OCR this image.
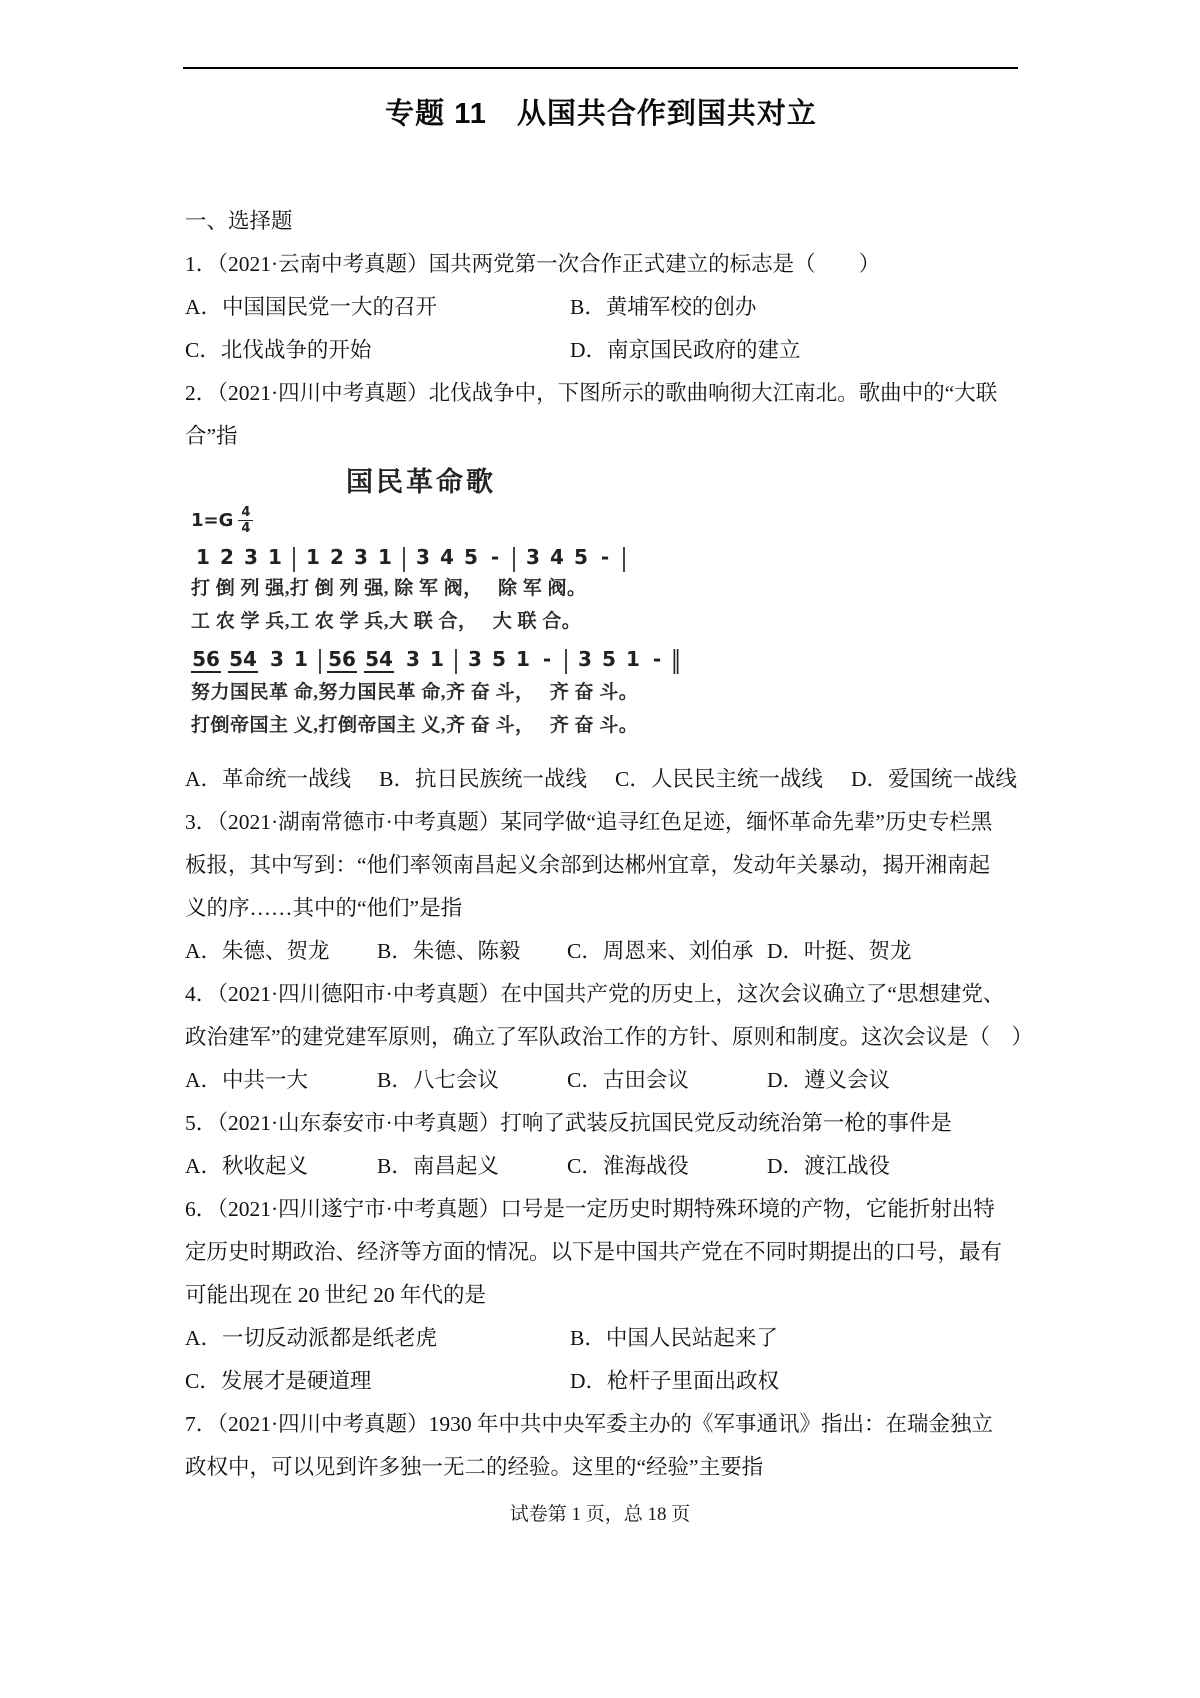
专题 11　从国共合作到国共对立
一、选择题
1．（2021·云南中考真题）国共两党第一次合作正式建立的标志是（　　）
A．中国国民党一大的召开	B．黄埔军校的创办
C．北伐战争的开始	D．南京国民政府的建立
2．（2021·四川中考真题）北伐战争中，下图所示的歌曲响彻大江南北。歌曲中的“大联
合”指
国民革命歌
$1=G \frac{4}{4}$
1 2 3 1 | 1 2 3 1 | 3 4 5 - | 3 4 5 - |
打 倒 列 强,打 倒 列 强, 除 军 阀，　 除 军 阀。
工 农 学 兵,工 农 学 兵,大 联 合，　 大 联 合。
56 54 3 1 | 56 54 3 1 | 3 5 1 - | 3 5 1 - ‖
努力国民革 命,努力国民革 命,齐 奋 斗，　 齐 奋 斗。
打倒帝国主 义,打倒帝国主 义,齐 奋 斗，　 齐 奋 斗。
A．革命统一战线 B．抗日民族统一战线 C．人民民主统一战线 D．爱国统一战线
3．（2021·湖南常德市·中考真题）某同学做“追寻红色足迹，缅怀革命先辈”历史专栏黑
板报，其中写到：“他们率领南昌起义余部到达郴州宜章，发动年关暴动，揭开湘南起
义的序……其中的“他们”是指
A．朱德、贺龙	B．朱德、陈毅	C．周恩来、刘伯承 D．叶挺、贺龙
4．（2021·四川德阳市·中考真题）在中国共产党的历史上，这次会议确立了“思想建党、
政治建军”的建党建军原则，确立了军队政治工作的方针、原则和制度。这次会议是（　）
A．中共一大	B．八七会议	C．古田会议	D．遵义会议
5．（2021·山东泰安市·中考真题）打响了武装反抗国民党反动统治第一枪的事件是
A．秋收起义	B．南昌起义	C．淮海战役	D．渡江战役
6．（2021·四川遂宁市·中考真题）口号是一定历史时期特殊环境的产物，它能折射出特
定历史时期政治、经济等方面的情况。以下是中国共产党在不同时期提出的口号，最有
可能出现在 20 世纪 20 年代的是
A．一切反动派都是纸老虎	B．中国人民站起来了
C．发展才是硬道理	D．枪杆子里面出政权
7．（2021·四川中考真题）1930 年中共中央军委主办的《军事通讯》指出：在瑞金独立
政权中，可以见到许多独一无二的经验。这里的“经验”主要指
试卷第 1 页，总 18 页
